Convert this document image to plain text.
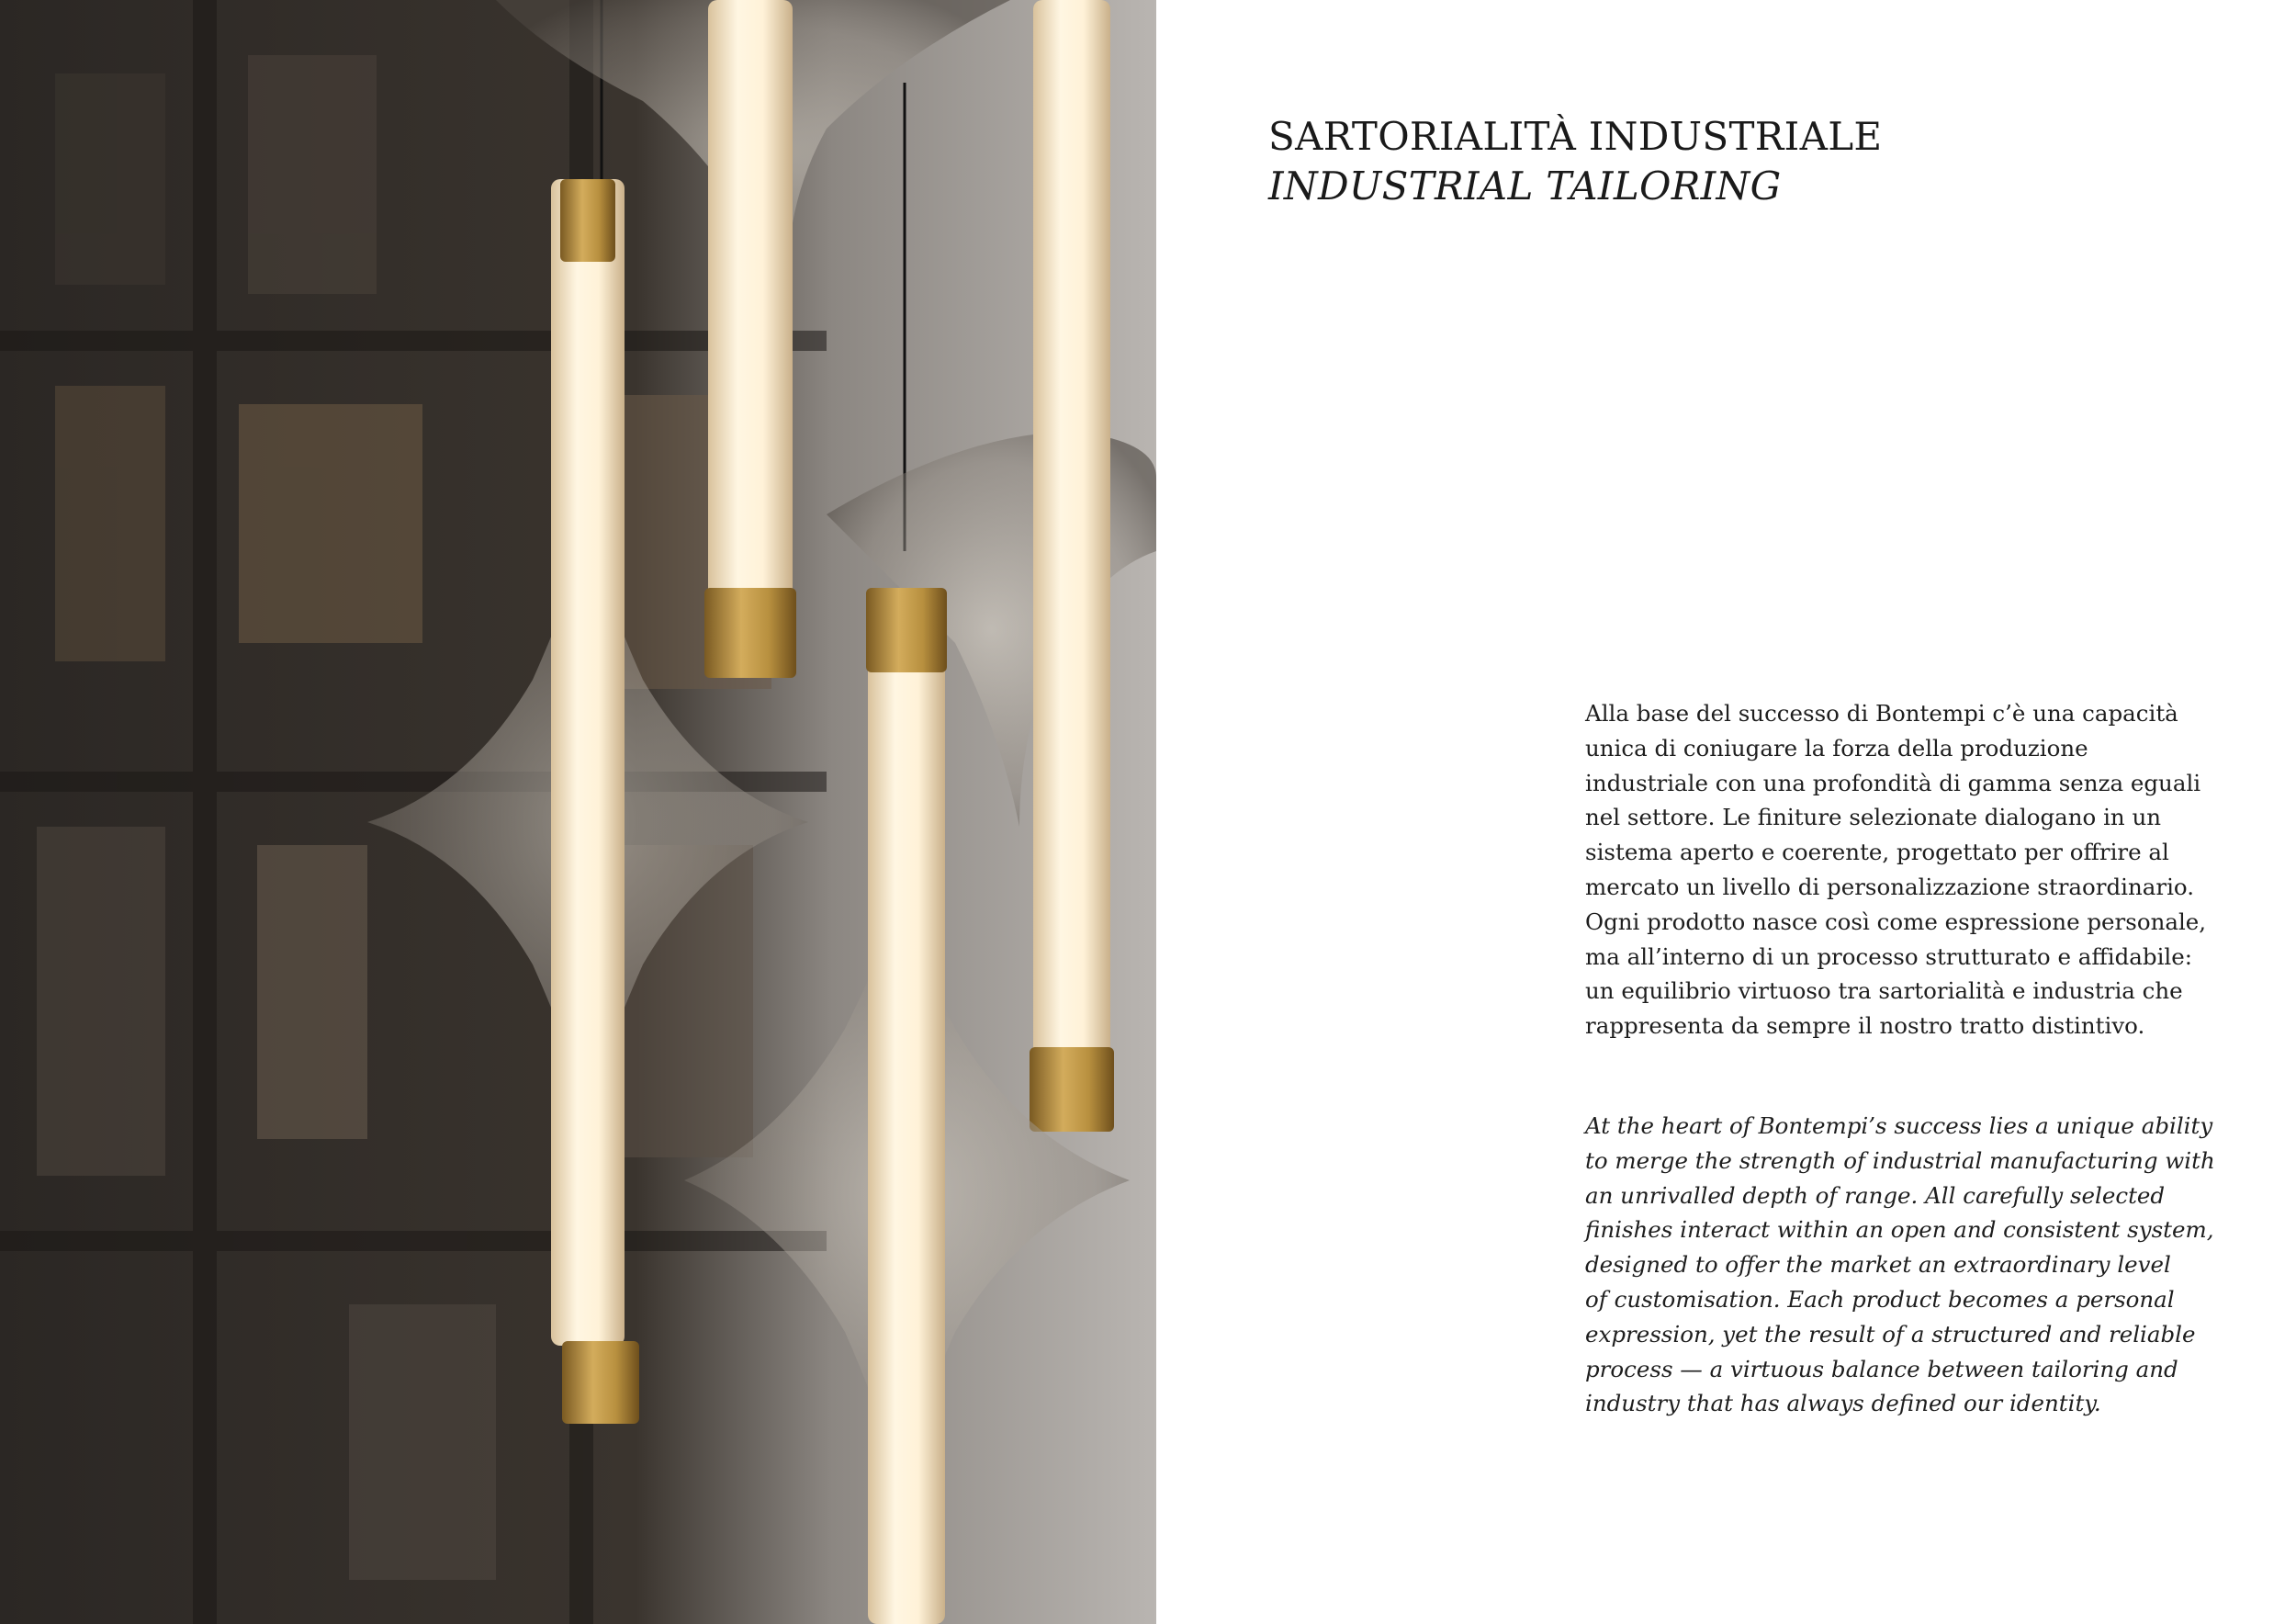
SARTORIALITÀ INDUSTRIALE
INDUSTRIAL TAILORING
Alla base del successo di Bontempi c’è una capacità
unica di coniugare la forza della produzione
industriale con una profondità di gamma senza eguali
nel settore. Le finiture selezionate dialogano in un
sistema aperto e coerente, progettato per offrire al
mercato un livello di personalizzazione straordinario.
Ogni prodotto nasce così come espressione personale,
ma all’interno di un processo strutturato e affidabile:
un equilibrio virtuoso tra sartorialità e industria che
rappresenta da sempre il nostro tratto distintivo.
At the heart of Bontempi’s success lies a unique ability
to merge the strength of industrial manufacturing with
an unrivalled depth of range. All carefully selected
finishes interact within an open and consistent system,
designed to offer the market an extraordinary level
of customisation. Each product becomes a personal
expression, yet the result of a structured and reliable
process — a virtuous balance between tailoring and
industry that has always defined our identity.
